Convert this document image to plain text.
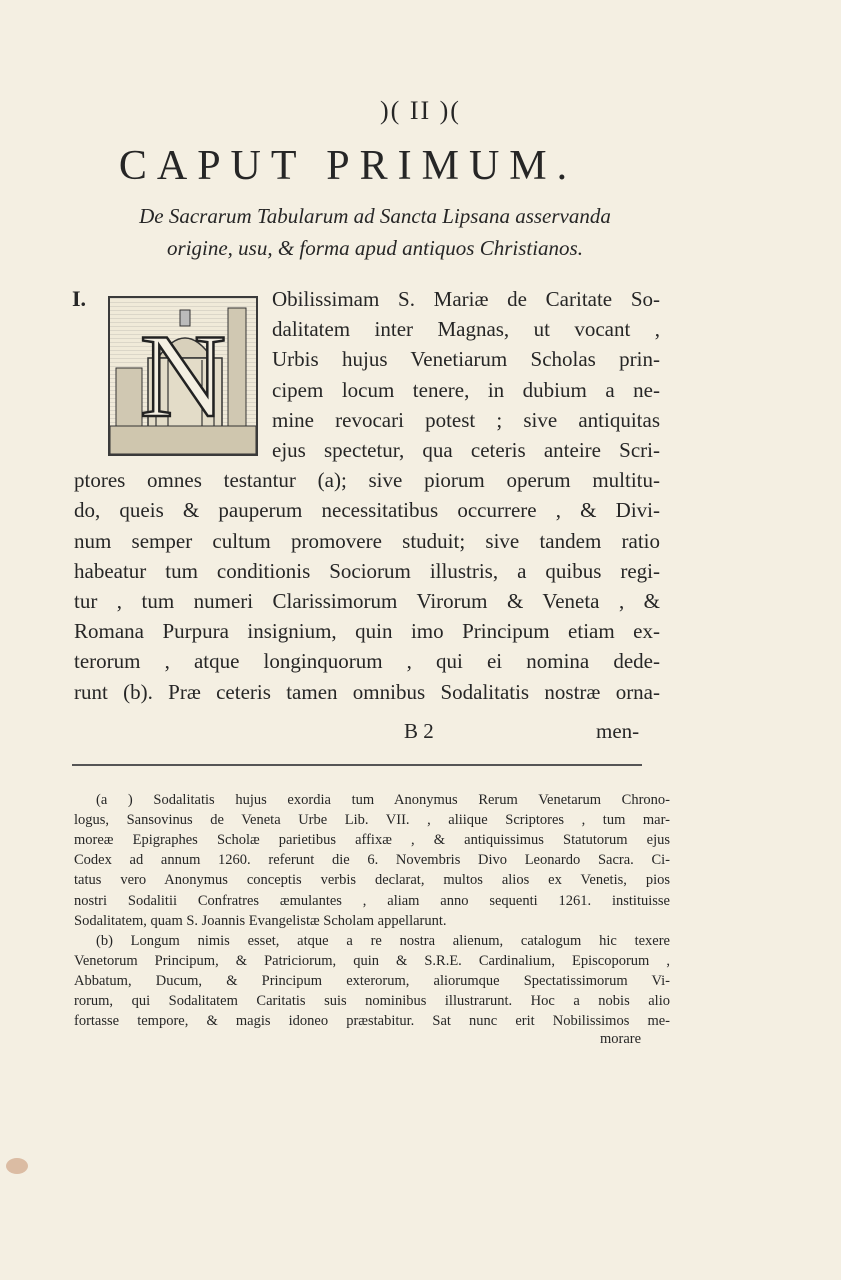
)( II )(
CAPUT PRIMUM.
De Sacrarum Tabularum ad Sancta Lipsana asservanda
origine, usu, & forma apud antiquos Christianos.
I.
N
Obilissimam S. Mariæ de Caritate So-
dalitatem inter Magnas, ut vocant ,
Urbis hujus Venetiarum Scholas prin-
cipem locum tenere, in dubium a ne-
mine revocari potest ; sive antiquitas
ejus spectetur, qua ceteris anteire Scri-
ptores omnes testantur (a); sive piorum operum multitu-
do, queis & pauperum necessitatibus occurrere , & Divi-
num semper cultum promovere studuit; sive tandem ratio
habeatur tum conditionis Sociorum illustris, a quibus regi-
tur , tum numeri Clarissimorum Virorum & Veneta , &
Romana Purpura insignium, quin imo Principum etiam ex-
terorum , atque longinquorum , qui ei nomina dede-
runt (b). Præ ceteris tamen omnibus Sodalitatis nostræ orna-
B 2	men-
(a ) Sodalitatis hujus exordia tum Anonymus Rerum Venetarum Chrono-
logus, Sansovinus de Veneta Urbe Lib. VII. , aliique Scriptores , tum mar-
moreæ Epigraphes Scholæ parietibus affixæ , & antiquissimus Statutorum ejus
Codex ad annum 1260. referunt die 6. Novembris Divo Leonardo Sacra. Ci-
tatus vero Anonymus conceptis verbis declarat, multos alios ex Venetis, pios
nostri Sodalitii Confratres æmulantes , aliam anno sequenti 1261. instituisse
Sodalitatem, quam S. Joannis Evangelistæ Scholam appellarunt.
(b) Longum nimis esset, atque a re nostra alienum, catalogum hic texere
Venetorum Principum, & Patriciorum, quin & S.R.E. Cardinalium, Episcoporum ,
Abbatum, Ducum, & Principum exterorum, aliorumque Spectatissimorum Vi-
rorum, qui Sodalitatem Caritatis suis nominibus illustrarunt. Hoc a nobis alio
fortasse tempore, & magis idoneo præstabitur. Sat nunc erit Nobilissimos me-
morare
